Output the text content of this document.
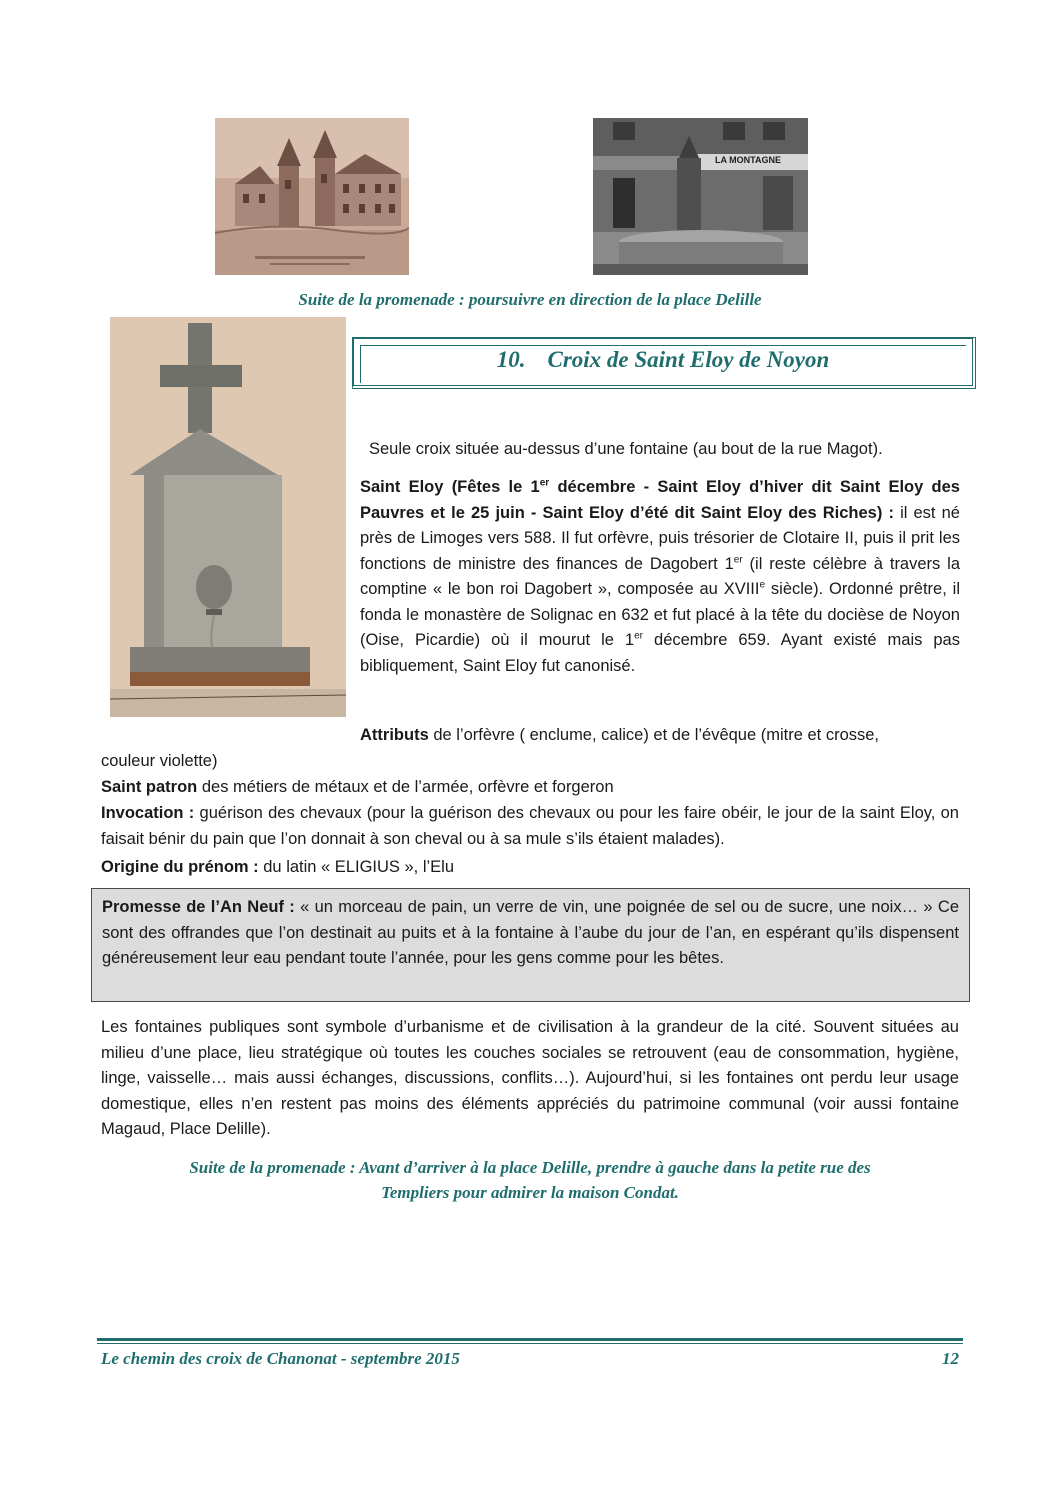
LA MONTAGNE
Suite de la promenade : poursuivre en direction de la place Delille
10. Croix de Saint Eloy de Noyon
Seule croix située au-dessus d’une fontaine (au bout de la rue Magot).
Saint Eloy (Fêtes le 1er décembre - Saint Eloy d’hiver dit Saint Eloy des Pauvres et le 25 juin - Saint Eloy d’été dit Saint Eloy des Riches) : il est né près de Limoges vers 588. Il fut orfèvre, puis trésorier de Clotaire II, puis il prit les fonctions de ministre des finances de Dagobert 1er (il reste célèbre à travers la comptine « le bon roi Dagobert », composée au XVIIIe siècle). Ordonné prêtre, il fonda le monastère de Solignac en 632 et fut placé à la tête du docièse de Noyon (Oise, Picardie) où il mourut le 1er décembre 659. Ayant existé mais pas bibliquement, Saint Eloy fut canonisé.
Attributs de l’orfèvre ( enclume, calice) et de l’évêque (mitre et crosse,
couleur violette)
Saint patron des métiers de métaux et de l’armée, orfèvre et forgeron
Invocation : guérison des chevaux (pour la guérison des chevaux ou pour les faire obéir, le jour de la saint Eloy, on faisait bénir du pain que l’on donnait à son cheval ou à sa mule s’ils étaient malades).
Origine du prénom : du latin « ELIGIUS », l’Elu
Promesse de l’An Neuf : « un morceau de pain, un verre de vin, une poignée de sel ou de sucre, une noix… » Ce sont des offrandes que l’on destinait au puits et à la fontaine à l’aube du jour de l’an, en espérant qu’ils dispensent généreusement leur eau pendant toute l’année, pour les gens comme pour les bêtes.
Les fontaines publiques sont symbole d’urbanisme et de civilisation à la grandeur de la cité. Souvent situées au milieu d’une place, lieu stratégique où toutes les couches sociales se retrouvent (eau de consommation, hygiène, linge, vaisselle… mais aussi échanges, discussions, conflits…). Aujourd’hui, si les fontaines ont perdu leur usage domestique, elles n’en restent pas moins des éléments appréciés du patrimoine communal (voir aussi fontaine Magaud, Place Delille).
Suite de la promenade : Avant d’arriver à la place Delille, prendre à gauche dans la petite rue des
Templiers pour admirer la maison Condat.
Le chemin des croix de Chanonat - septembre 2015	12
